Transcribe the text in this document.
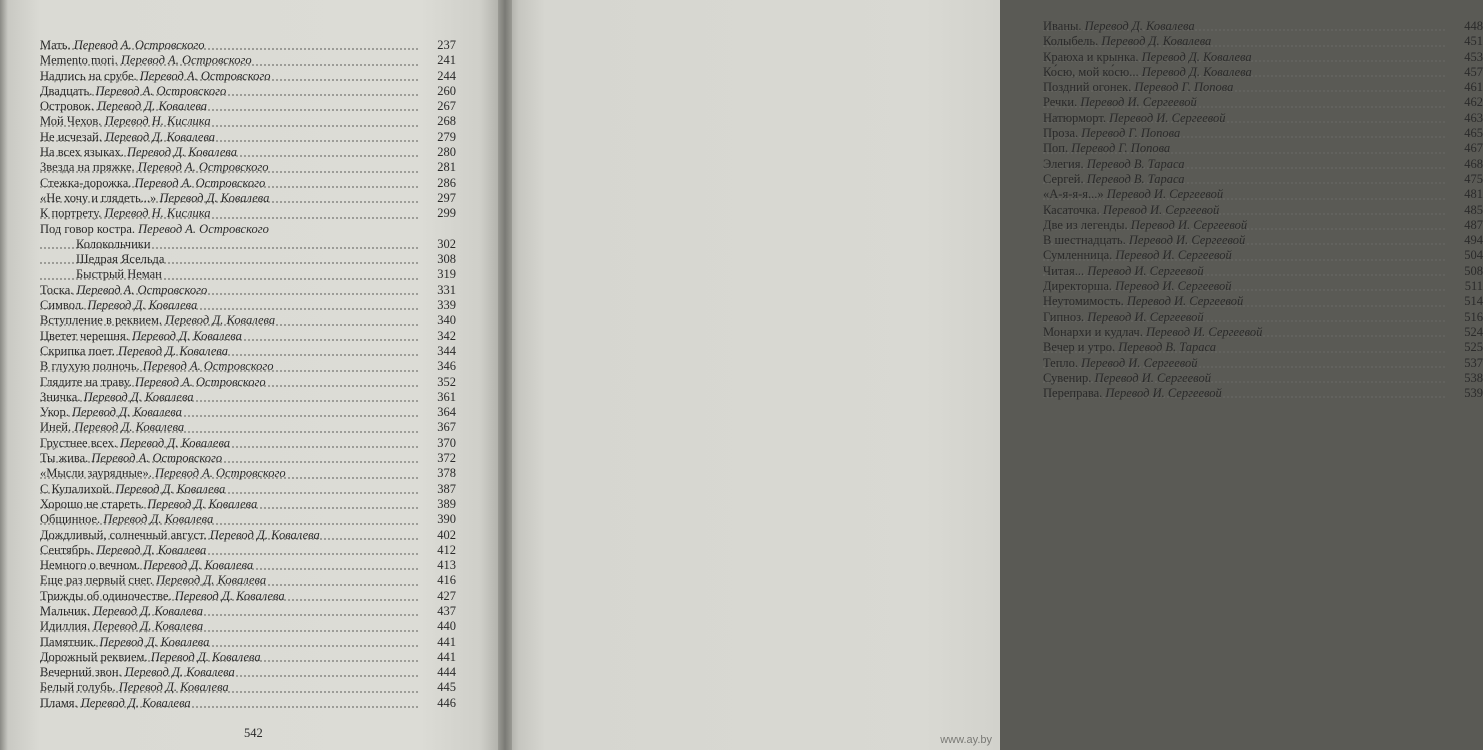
Мать. Перевод А. Островского	237
Memento mori. Перевод А. Островского	241
Надпись на срубе. Перевод А. Островского	244
Двадцать. Перевод А. Островского	260
Островок. Перевод Д. Ковалева	267
Мой Чехов. Перевод Н. Кислика	268
Не исчезай. Перевод Д. Ковалева	279
На всех языках. Перевод Д. Ковалева	280
Звезда на пряжке. Перевод А. Островского	281
Стежка-дорожка. Перевод А. Островского	286
«Не хочу и глядеть...» Перевод Д. Ковалева	297
К портрету. Перевод Н. Кислика	299
Под говор костра. Перевод А. Островского
Колокольчики	302
Шедрая Ясельда	308
Быстрый Неман	319
Тоска. Перевод А. Островского	331
Символ. Перевод Д. Ковалева	339
Вступление в реквием. Перевод Д. Ковалева	340
Цветет черешня. Перевод Д. Ковалева	342
Скрипка поет. Перевод Д. Ковалева	344
В глухую полночь. Перевод А. Островского	346
Глядите на траву. Перевод А. Островского	352
Зничка. Перевод Д. Ковалева	361
Укор. Перевод Д. Ковалева	364
Иней. Перевод Д. Ковалева	367
Грустнее всех. Перевод Д. Ковалева	370
Ты жива. Перевод А. Островского	372
«Мысли заурядные». Перевод А. Островского	378
С Купалихой. Перевод Д. Ковалева	387
Хорошо не стареть. Перевод Д. Ковалева	389
Общинное. Перевод Д. Ковалева	390
Дождливый, солнечный август. Перевод Д. Ковалева	402
Сентябрь. Перевод Д. Ковалева	412
Немного о вечном. Перевод Д. Ковалева	413
Еще раз первый снег. Перевод Д. Ковалева	416
Трижды об одиночестве. Перевод Д. Ковалева	427
Мальчик. Перевод Д. Ковалева	437
Идиллия. Перевод Д. Ковалева	440
Памятник. Перевод Д. Ковалева	441
Дорожный реквием. Перевод Д. Ковалева	441
Вечерний звон. Перевод Д. Ковалева	444
Белый голубь. Перевод Д. Ковалева	445
Пламя. Перевод Д. Ковалева	446
542
Иваны. Перевод Д. Ковалева	448
Колыбель. Перевод Д. Ковалева	451
Краюха и крынка. Перевод Д. Ковалева	453
Ко́сю, мой ко́сю... Перевод Д. Ковалева	457
Поздний огонек. Перевод Г. Попова	461
Речки. Перевод И. Сергеевой	462
Натюрморт. Перевод И. Сергеевой	463
Проза. Перевод Г. Попова	465
Поп. Перевод Г. Попова	467
Элегия. Перевод В. Тараса	468
Сергей. Перевод В. Тараса	475
«А-я-я-я...» Перевод И. Сергеевой	481
Касаточка. Перевод И. Сергеевой	485
Две из легенды. Перевод И. Сергеевой	487
В шестнадцать. Перевод И. Сергеевой	494
Сумленница. Перевод И. Сергеевой	504
Читая... Перевод И. Сергеевой	508
Директорша. Перевод И. Сергеевой	511
Неутомимость. Перевод И. Сергеевой	514
Гипноз. Перевод И. Сергеевой	516
Монархи и кудлач. Перевод И. Сергеевой	524
Вечер и утро. Перевод В. Тараса	525
Тепло. Перевод И. Сергеевой	537
Сувенир. Перевод И. Сергеевой	538
Переправа. Перевод И. Сергеевой	539
www.ay.by
